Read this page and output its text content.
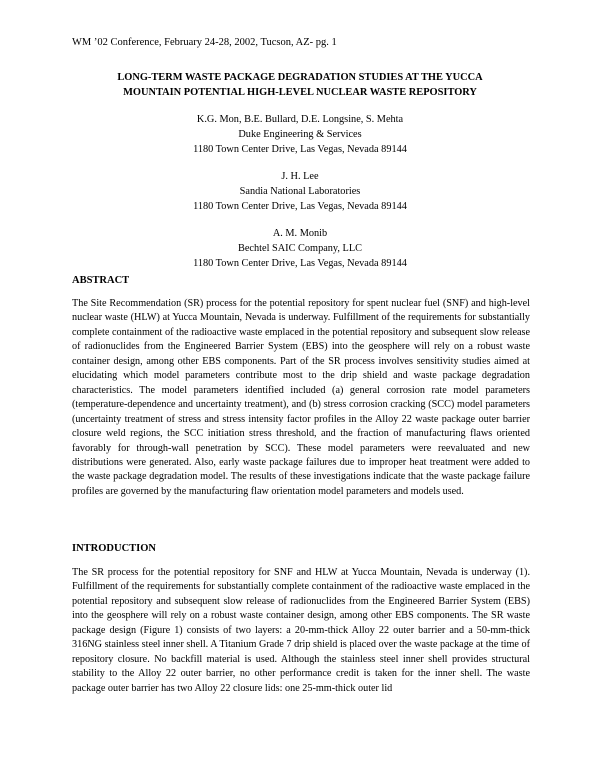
WM ’02 Conference, February 24-28, 2002, Tucson, AZ- pg. 1
LONG-TERM WASTE PACKAGE DEGRADATION STUDIES AT THE YUCCA
MOUNTAIN POTENTIAL HIGH-LEVEL NUCLEAR WASTE REPOSITORY
K.G. Mon, B.E. Bullard, D.E. Longsine, S. Mehta
Duke Engineering & Services
1180 Town Center Drive, Las Vegas, Nevada 89144
J. H. Lee
Sandia National Laboratories
1180 Town Center Drive, Las Vegas, Nevada 89144
A. M. Monib
Bechtel SAIC Company, LLC
1180 Town Center Drive, Las Vegas, Nevada 89144
ABSTRACT
The Site Recommendation (SR) process for the potential repository for spent nuclear fuel (SNF) and high-level nuclear waste (HLW) at Yucca Mountain, Nevada is underway. Fulfillment of the requirements for substantially complete containment of the radioactive waste emplaced in the potential repository and subsequent slow release of radionuclides from the Engineered Barrier System (EBS) into the geosphere will rely on a robust waste container design, among other EBS components. Part of the SR process involves sensitivity studies aimed at elucidating which model parameters contribute most to the drip shield and waste package degradation characteristics. The model parameters identified included (a) general corrosion rate model parameters (temperature-dependence and uncertainty treatment), and (b) stress corrosion cracking (SCC) model parameters (uncertainty treatment of stress and stress intensity factor profiles in the Alloy 22 waste package outer barrier closure weld regions, the SCC initiation stress threshold, and the fraction of manufacturing flaws oriented favorably for through-wall penetration by SCC). These model parameters were reevaluated and new distributions were generated. Also, early waste package failures due to improper heat treatment were added to the waste package degradation model. The results of these investigations indicate that the waste package failure profiles are governed by the manufacturing flaw orientation model parameters and models used.
INTRODUCTION
The SR process for the potential repository for SNF and HLW at Yucca Mountain, Nevada is underway (1). Fulfillment of the requirements for substantially complete containment of the radioactive waste emplaced in the potential repository and subsequent slow release of radionuclides from the Engineered Barrier System (EBS) into the geosphere will rely on a robust waste container design, among other EBS components. The SR waste package design (Figure 1) consists of two layers: a 20-mm-thick Alloy 22 outer barrier and a 50-mm-thick 316NG stainless steel inner shell. A Titanium Grade 7 drip shield is placed over the waste package at the time of repository closure. No backfill material is used. Although the stainless steel inner shell provides structural stability to the Alloy 22 outer barrier, no other performance credit is taken for the inner shell. The waste package outer barrier has two Alloy 22 closure lids: one 25-mm-thick outer lid
